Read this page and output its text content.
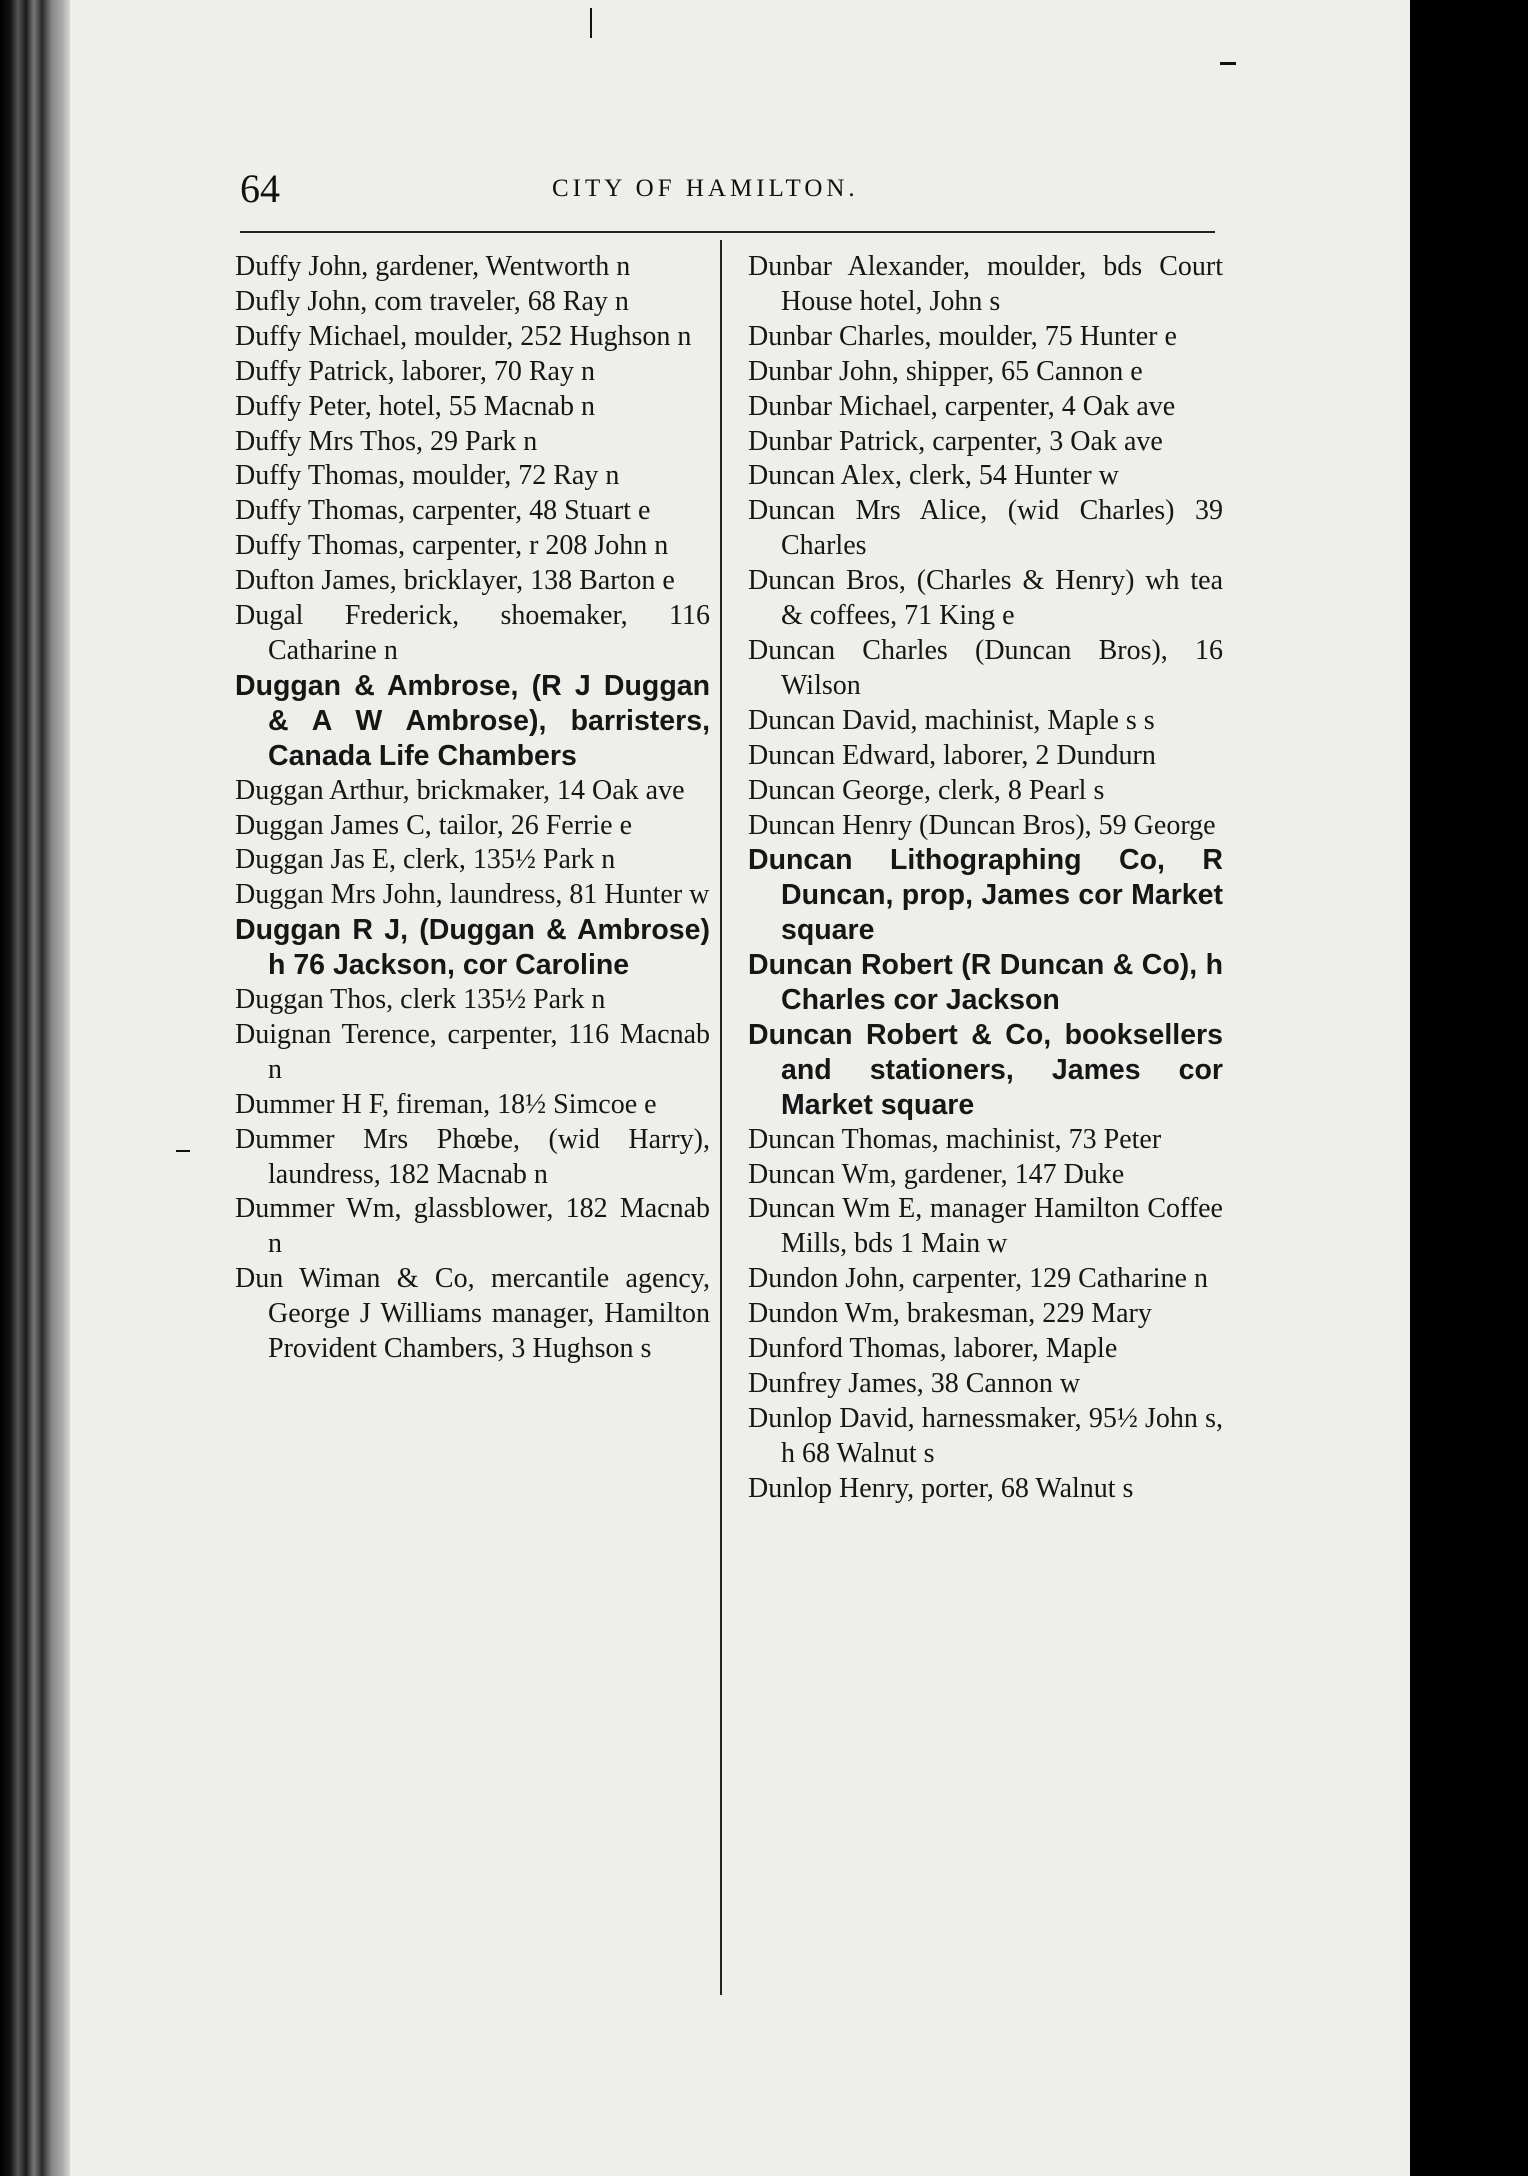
64	CITY OF HAMILTON.
Duffy John, gardener, Wentworth n
Dufly John, com traveler, 68 Ray n
Duffy Michael, moulder, 252 Hughson n
Duffy Patrick, laborer, 70 Ray n
Duffy Peter, hotel, 55 Macnab n
Duffy Mrs Thos, 29 Park n
Duffy Thomas, moulder, 72 Ray n
Duffy Thomas, carpenter, 48 Stuart e
Duffy Thomas, carpenter, r 208 John n
Dufton James, bricklayer, 138 Barton e
Dugal Frederick, shoemaker, 116 Catharine n
Duggan & Ambrose, (R J Duggan & A W Ambrose), barristers, Canada Life Chambers
Duggan Arthur, brickmaker, 14 Oak ave
Duggan James C, tailor, 26 Ferrie e
Duggan Jas E, clerk, 135½ Park n
Duggan Mrs John, laundress, 81 Hunter w
Duggan R J, (Duggan & Ambrose) h 76 Jackson, cor Caroline
Duggan Thos, clerk 135½ Park n
Duignan Terence, carpenter, 116 Macnab n
Dummer H F, fireman, 18½ Simcoe e
Dummer Mrs Phœbe, (wid Harry), laundress, 182 Macnab n
Dummer Wm, glassblower, 182 Macnab n
Dun Wiman & Co, mercantile agency, George J Williams manager, Hamilton Provident Chambers, 3 Hughson s
Dunbar Alexander, moulder, bds Court House hotel, John s
Dunbar Charles, moulder, 75 Hunter e
Dunbar John, shipper, 65 Cannon e
Dunbar Michael, carpenter, 4 Oak ave
Dunbar Patrick, carpenter, 3 Oak ave
Duncan Alex, clerk, 54 Hunter w
Duncan Mrs Alice, (wid Charles) 39 Charles
Duncan Bros, (Charles & Henry) wh tea & coffees, 71 King e
Duncan Charles (Duncan Bros), 16 Wilson
Duncan David, machinist, Maple s s
Duncan Edward, laborer, 2 Dundurn
Duncan George, clerk, 8 Pearl s
Duncan Henry (Duncan Bros), 59 George
Duncan Lithographing Co, R Duncan, prop, James cor Market square
Duncan Robert (R Duncan & Co), h Charles cor Jackson
Duncan Robert & Co, booksellers and stationers, James cor Market square
Duncan Thomas, machinist, 73 Peter
Duncan Wm, gardener, 147 Duke
Duncan Wm E, manager Hamilton Coffee Mills, bds 1 Main w
Dundon John, carpenter, 129 Catharine n
Dundon Wm, brakesman, 229 Mary
Dunford Thomas, laborer, Maple
Dunfrey James, 38 Cannon w
Dunlop David, harnessmaker, 95½ John s, h 68 Walnut s
Dunlop Henry, porter, 68 Walnut s
